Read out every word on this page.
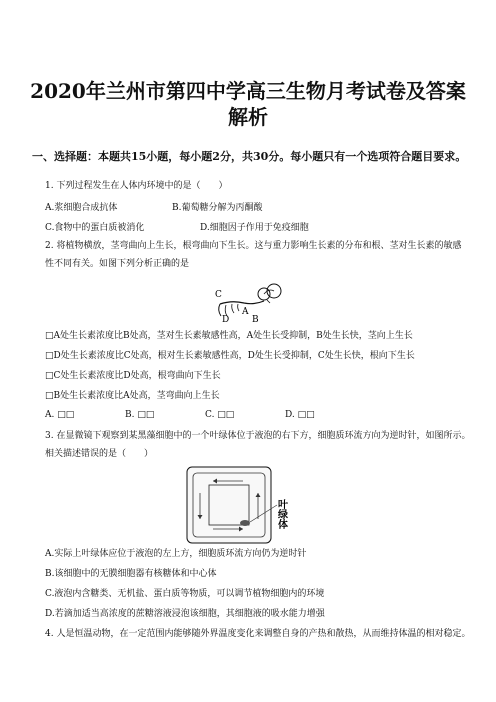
2020年兰州市第四中学高三生物月考试卷及答案
解析
一、选择题：本题共15小题，每小题2分，共30分。每小题只有一个选项符合题目要求。
1. 下列过程发生在人体内环境中的是（　　）
A.浆细胞合成抗体	B.葡萄糖分解为丙酮酸
C.食物中的蛋白质被消化	D.细胞因子作用于免疫细胞
2. 将植物横放，茎弯曲向上生长，根弯曲向下生长。这与重力影响生长素的分布和根、茎对生长素的敏感
性不同有关。如图下列分析正确的是
C
D
A
B
□A处生长素浓度比B处高，茎对生长素敏感性高，A处生长受抑制，B处生长快，茎向上生长
□D处生长素浓度比C处高，根对生长素敏感性高，D处生长受抑制，C处生长快，根向下生长
□C处生长素浓度比D处高，根弯曲向下生长
□B处生长素浓度比A处高，茎弯曲向上生长
A. □□	B. □□	C. □□	D. □□
3. 在显微镜下观察到某黑藻细胞中的一个叶绿体位于液泡的右下方，细胞质环流方向为逆时针，如图所示。
相关描述错误的是（　　）
叶绿体
A.实际上叶绿体应位于液泡的左上方，细胞质环流方向仍为逆时针
B.该细胞中的无膜细胞器有核糖体和中心体
C.液泡内含糖类、无机盐、蛋白质等物质，可以调节植物细胞内的环境
D.若滴加适当高浓度的蔗糖溶液浸泡该细胞，其细胞液的吸水能力增强
4. 人是恒温动物，在一定范围内能够随外界温度变化来调整自身的产热和散热，从而维持体温的相对稳定。
